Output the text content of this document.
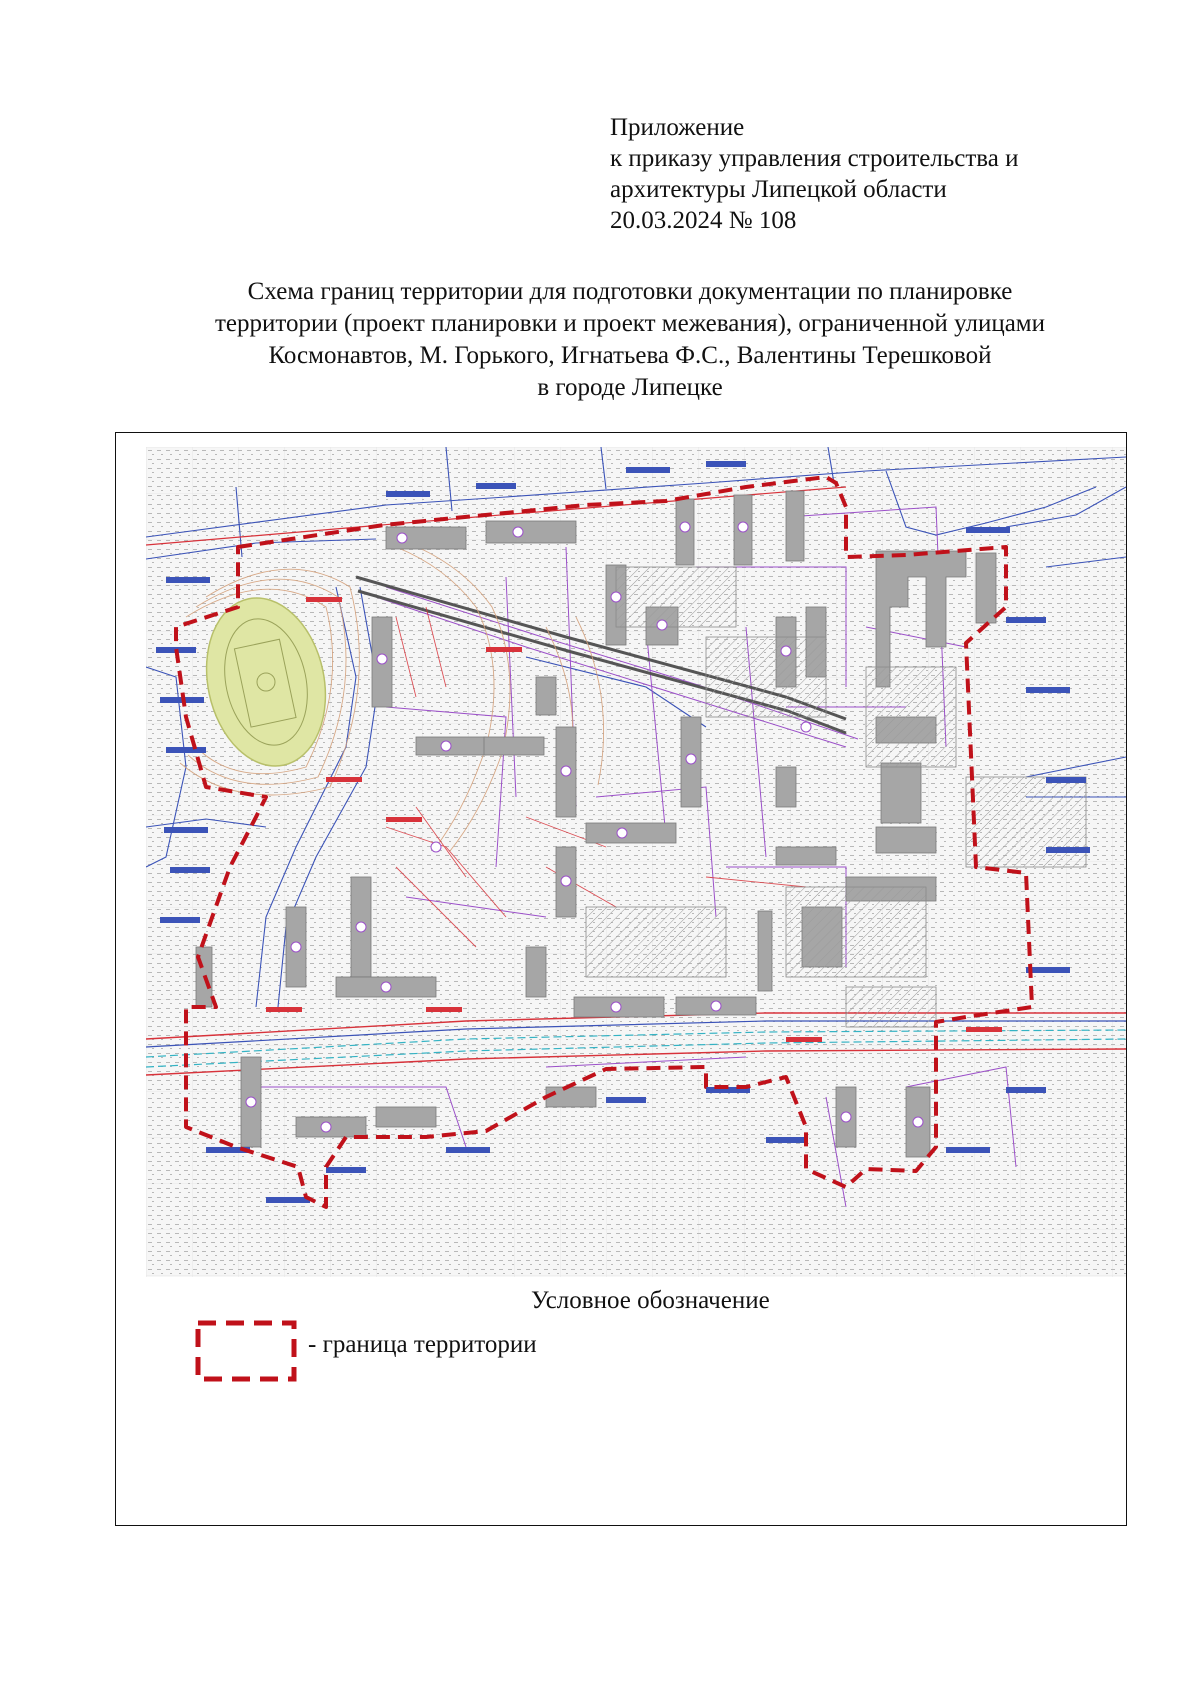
Приложение
к приказу управления строительства и
архитектуры Липецкой области
20.03.2024 № 108
Схема границ территории для подготовки документации по планировке
территории (проект планировки и проект межевания), ограниченной улицами
Космонавтов, М. Горького, Игнатьева Ф.С., Валентины Терешковой
в городе Липецке
Условное обозначение
- граница территории
